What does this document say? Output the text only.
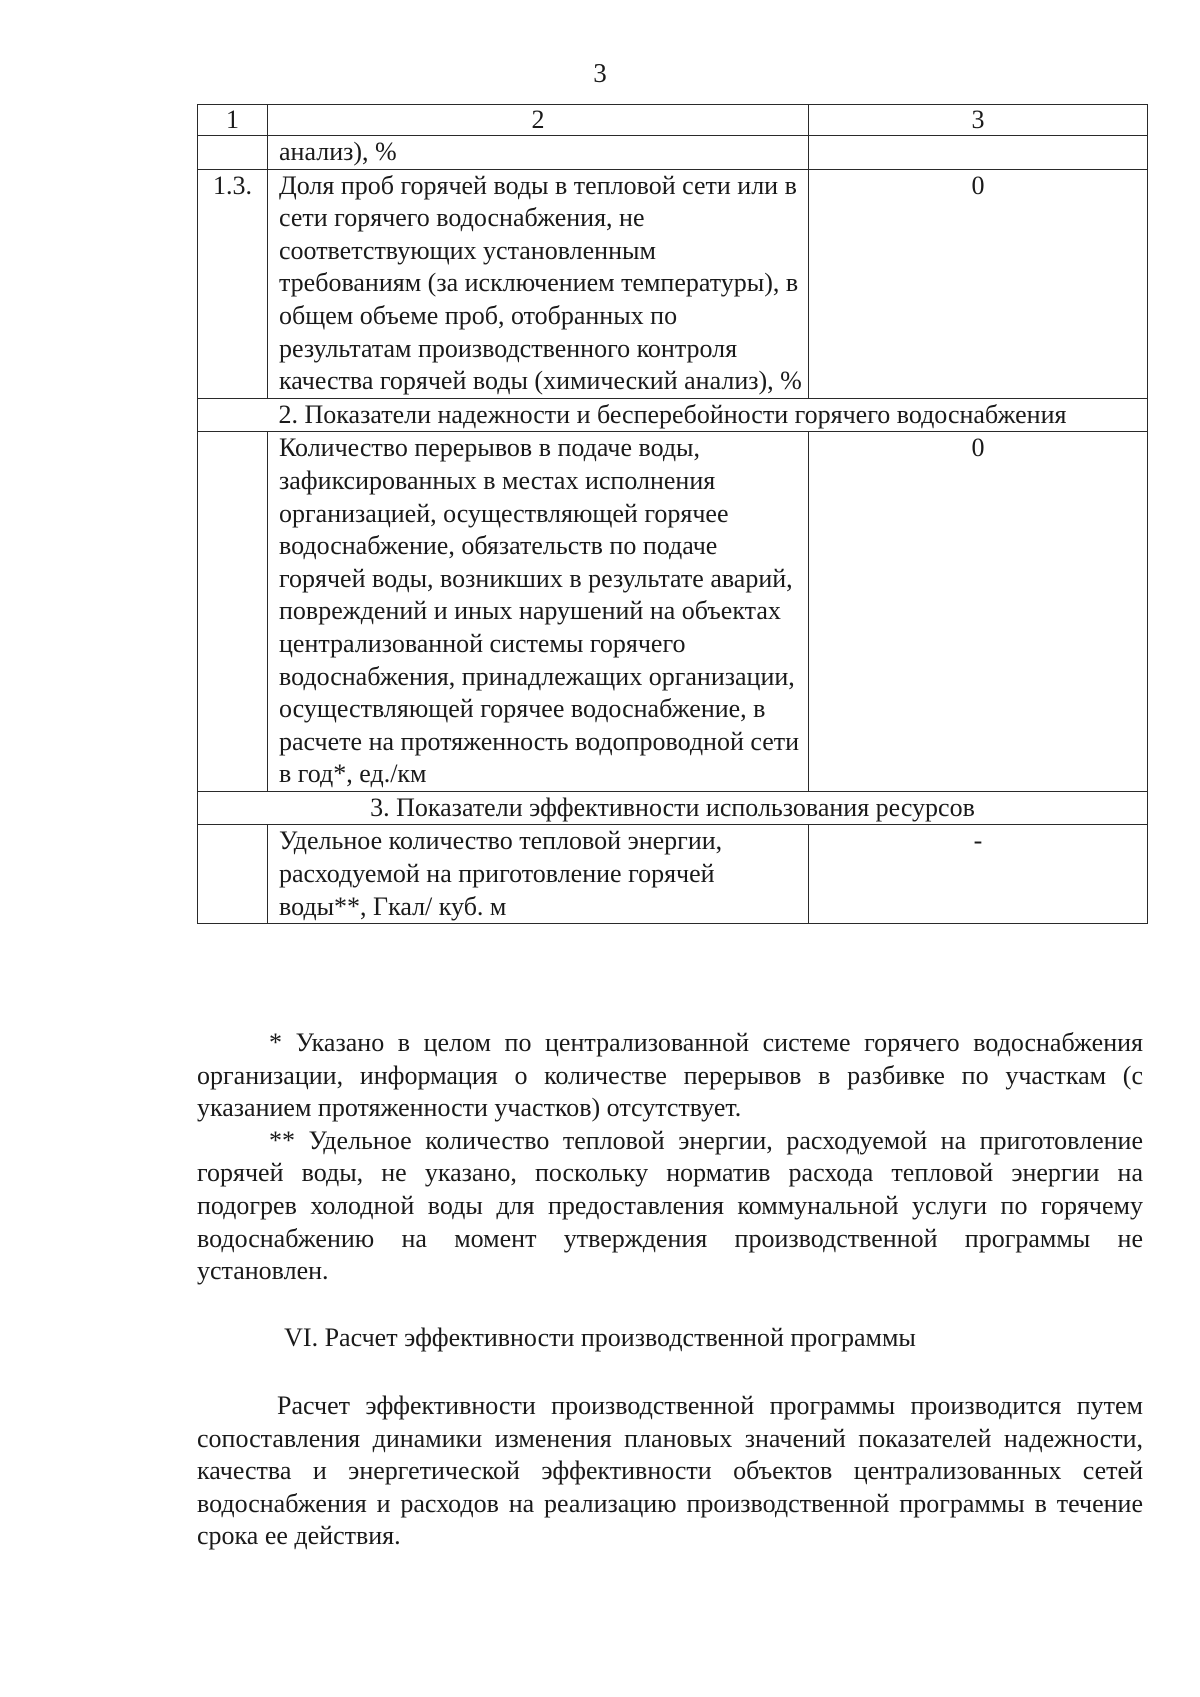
3
1	2	3
	анализ), %	
1.3.	Доля проб горячей воды в тепловой сети или в сети горячего водоснабжения, не соответствующих установленным требованиям (за исключением температуры), в общем объеме проб, отобранных по результатам производственного контроля качества горячей воды (химический анализ), %	0
2. Показатели надежности и бесперебойности горячего водоснабжения		
	Количество перерывов в подаче воды, зафиксированных в местах исполнения организацией, осуществляющей горячее водоснабжение, обязательств по подаче горячей воды, возникших в результате аварий, повреждений и иных нарушений на объектах централизованной системы горячего водоснабжения, принадлежащих организации, осуществляющей горячее водоснабжение, в расчете на протяженность водопроводной сети в год*, ед./км	0
3. Показатели эффективности использования ресурсов		
	Удельное количество тепловой энергии, расходуемой на приготовление горячей воды**, Гкал/ куб. м	-

* Указано в целом по централизованной системе горячего водоснабжения организации, информация о количестве перерывов в разбивке по участкам (с указанием протяженности участков) отсутствует.

** Удельное количество тепловой энергии, расходуемой на приготовление горячей воды, не указано, поскольку норматив расхода тепловой энергии на подогрев холодной воды для предоставления коммунальной услуги по горячему водоснабжению на момент утверждения производственной программы не установлен.

VI. Расчет эффективности производственной программы

Расчет эффективности производственной программы производится путем сопоставления динамики изменения плановых значений показателей надежности, качества и энергетической эффективности объектов централизованных сетей водоснабжения и расходов на реализацию производственной программы в течение срока ее действия.
